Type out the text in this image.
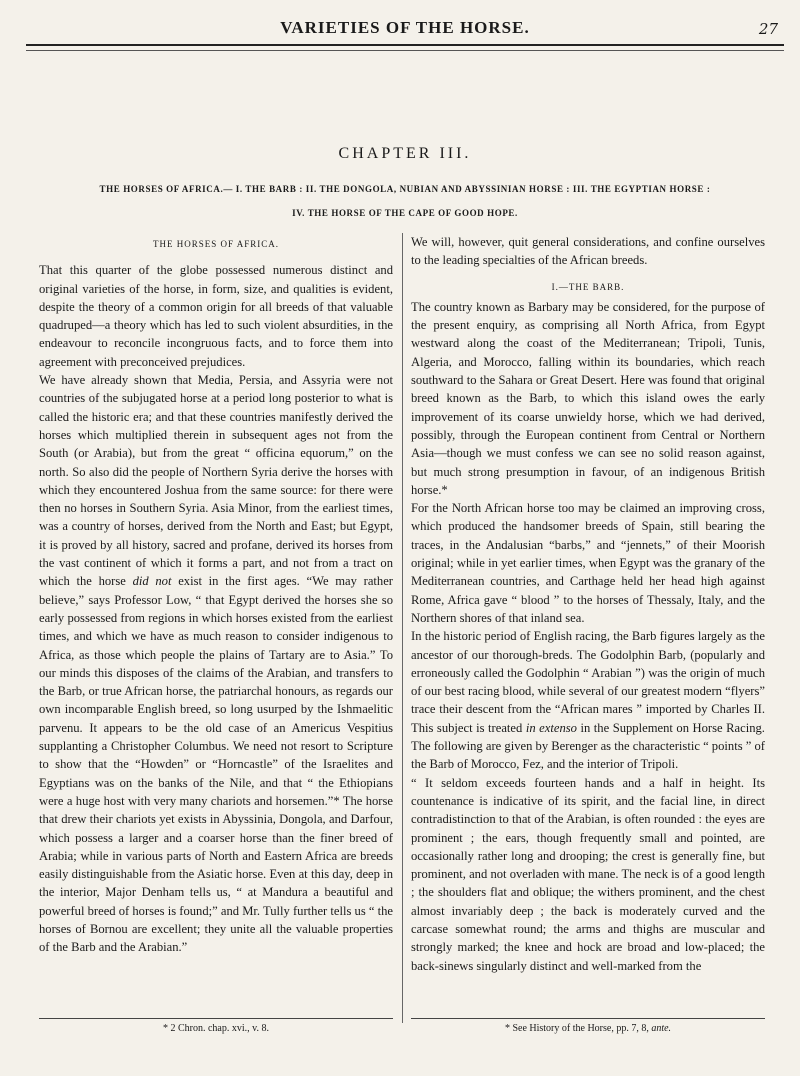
VARIETIES OF THE HORSE.	27
CHAPTER III.
THE HORSES OF AFRICA.— I. THE BARB : II. THE DONGOLA, NUBIAN AND ABYSSINIAN HORSE : III. THE EGYPTIAN HORSE :
IV. THE HORSE OF THE CAPE OF GOOD HOPE.
THE HORSES OF AFRICA.

That this quarter of the globe possessed numerous distinct and original varieties of the horse, in form, size, and qualities is evident, despite the theory of a common origin for all breeds of that valuable quadruped—a theory which has led to such violent absurdities, in the endeavour to reconcile incongruous facts, and to force them into agreement with preconceived prejudices.

We have already shown that Media, Persia, and Assyria were not countries of the subjugated horse at a period long posterior to what is called the historic era; and that these countries manifestly derived the horses which multiplied therein in subsequent ages not from the South (or Arabia), but from the great “ officina equorum,” on the north. So also did the people of Northern Syria derive the horses with which they encountered Joshua from the same source: for there were then no horses in Southern Syria. Asia Minor, from the earliest times, was a country of horses, derived from the North and East; but Egypt, it is proved by all history, sacred and profane, derived its horses from the vast continent of which it forms a part, and not from a tract on which the horse did not exist in the first ages. “We may rather believe,” says Professor Low, “ that Egypt derived the horses she so early possessed from regions in which horses existed from the earliest times, and which we have as much reason to consider indigenous to Africa, as those which people the plains of Tartary are to Asia.” To our minds this disposes of the claims of the Arabian, and transfers to the Barb, or true African horse, the patriarchal honours, as regards our own incomparable English breed, so long usurped by the Ishmaelitic parvenu. It appears to be the old case of an Americus Vespitius supplanting a Christopher Columbus. We need not resort to Scripture to show that the “Howden” or “Horncastle” of the Israelites and Egyptians was on the banks of the Nile, and that “ the Ethiopians were a huge host with very many chariots and horsemen.”* The horse that drew their chariots yet exists in Abyssinia, Dongola, and Darfour, which possess a larger and a coarser horse than the finer breed of Arabia; while in various parts of North and Eastern Africa are breeds easily distinguishable from the Asiatic horse. Even at this day, deep in the interior, Major Denham tells us, “ at Mandura a beautiful and powerful breed of horses is found;” and Mr. Tully further tells us “ the horses of Bornou are excellent; they unite all the valuable properties of the Barb and the Arabian.”

We will, however, quit general considerations, and confine ourselves to the leading specialties of the African breeds.

I.—THE BARB.

The country known as Barbary may be considered, for the purpose of the present enquiry, as comprising all North Africa, from Egypt westward along the coast of the Mediterranean; Tripoli, Tunis, Algeria, and Morocco, falling within its boundaries, which reach southward to the Sahara or Great Desert. Here was found that original breed known as the Barb, to which this island owes the early improvement of its coarse unwieldy horse, which we had derived, possibly, through the European continent from Central or Northern Asia—though we must confess we can see no solid reason against, but much strong presumption in favour, of an indigenous British horse.*

For the North African horse too may be claimed an improving cross, which produced the handsomer breeds of Spain, still bearing the traces, in the Andalusian “barbs,” and “jennets,” of their Moorish original; while in yet earlier times, when Egypt was the granary of the Mediterranean countries, and Carthage held her head high against Rome, Africa gave “ blood ” to the horses of Thessaly, Italy, and the Northern shores of that inland sea.

In the historic period of English racing, the Barb figures largely as the ancestor of our thorough-breds. The Godolphin Barb, (popularly and erroneously called the Godolphin “ Arabian ”) was the origin of much of our best racing blood, while several of our greatest modern “flyers” trace their descent from the “African mares ” imported by Charles II. This subject is treated in extenso in the Supplement on Horse Racing. The following are given by Berenger as the characteristic “ points ” of the Barb of Morocco, Fez, and the interior of Tripoli.

“ It seldom exceeds fourteen hands and a half in height. Its countenance is indicative of its spirit, and the facial line, in direct contradistinction to that of the Arabian, is often rounded : the eyes are prominent ; the ears, though frequently small and pointed, are occasionally rather long and drooping; the crest is generally fine, but prominent, and not overladen with mane. The neck is of a good length ; the shoulders flat and oblique; the withers prominent, and the chest almost invariably deep ; the back is moderately curved and the carcase somewhat round; the arms and thighs are muscular and strongly marked; the knee and hock are broad and low-placed; the back-sinews singularly distinct and well-marked from the

* 2 Chron. chap. xvi., v. 8.	* See History of the Horse, pp. 7, 8, ante.
